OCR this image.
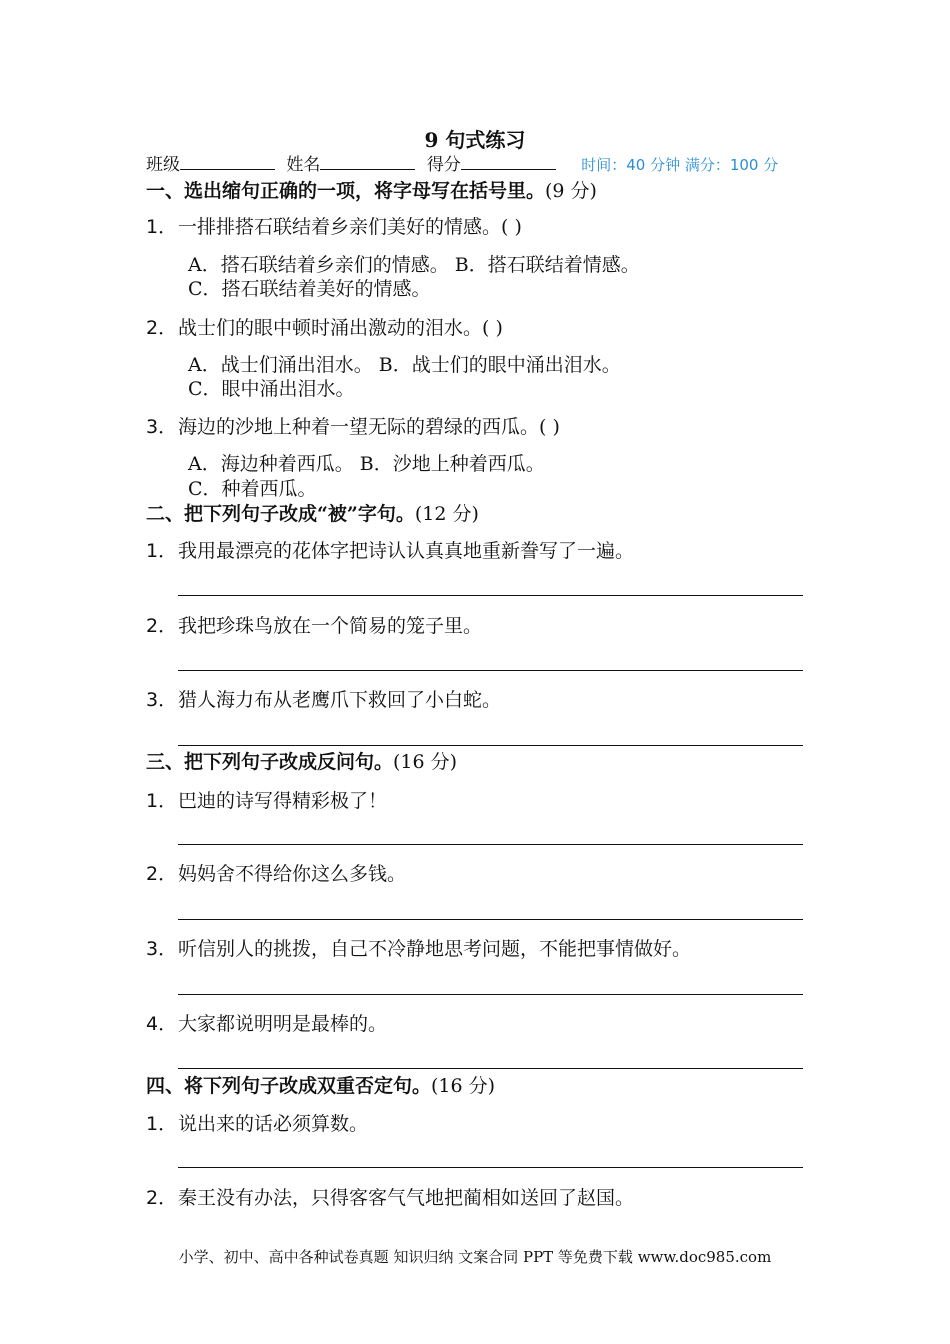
9 句式练习
班级	姓名	得分	时间：40 分钟 满分：100 分
一、选出缩句正确的一项，将字母写在括号里。(9 分)
1．一排排搭石联结着乡亲们美好的情感。( )
A．搭石联结着乡亲们的情感。 B．搭石联结着情感。
C．搭石联结着美好的情感。
2．战士们的眼中顿时涌出激动的泪水。( )
A．战士们涌出泪水。 B．战士们的眼中涌出泪水。
C．眼中涌出泪水。
3．海边的沙地上种着一望无际的碧绿的西瓜。( )
A．海边种着西瓜。 B．沙地上种着西瓜。
C．种着西瓜。
二、把下列句子改成“被”字句。(12 分)
1．我用最漂亮的花体字把诗认认真真地重新誊写了一遍。
2．我把珍珠鸟放在一个简易的笼子里。
3．猎人海力布从老鹰爪下救回了小白蛇。
三、把下列句子改成反问句。(16 分)
1．巴迪的诗写得精彩极了！
2．妈妈舍不得给你这么多钱。
3．听信别人的挑拨，自己不冷静地思考问题，不能把事情做好。
4．大家都说明明是最棒的。
四、将下列句子改成双重否定句。(16 分)
1．说出来的话必须算数。
2．秦王没有办法，只得客客气气地把蔺相如送回了赵国。
小学、初中、高中各种试卷真题 知识归纳 文案合同 PPT 等免费下载 www.doc985.com
